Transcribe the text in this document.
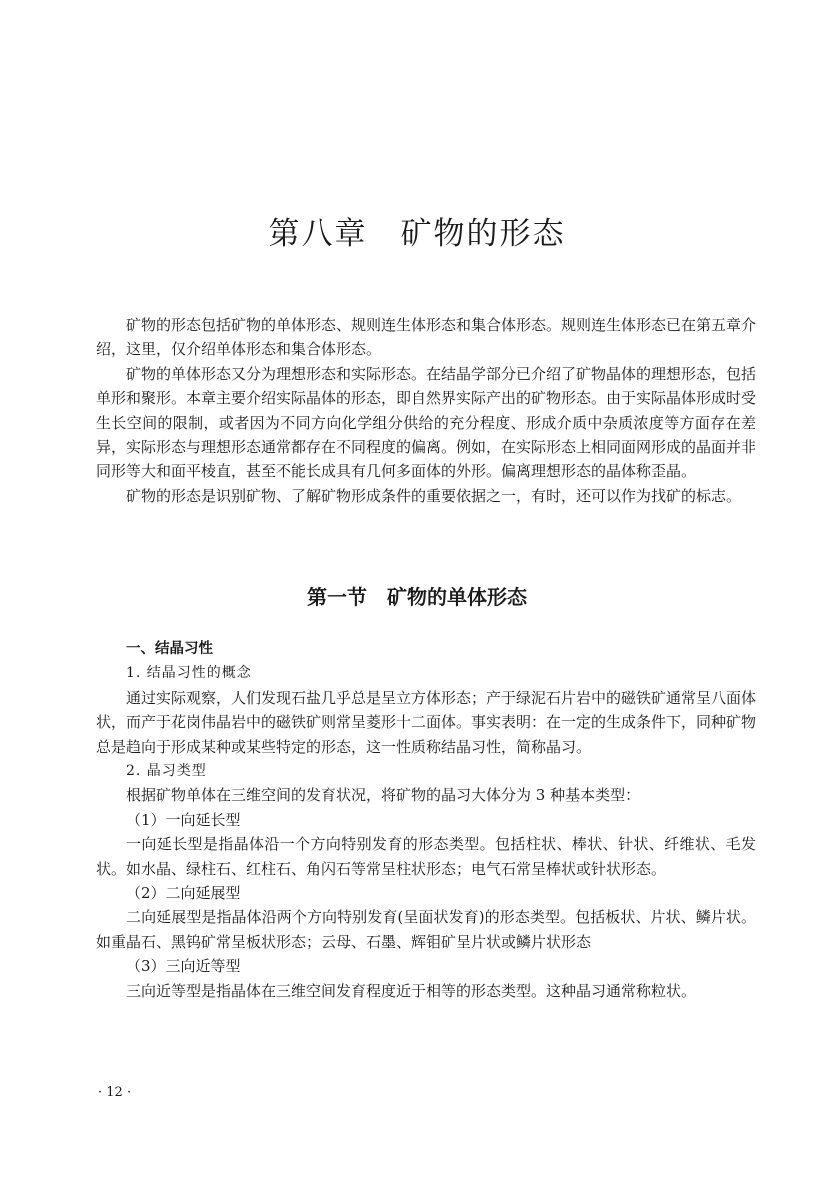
第八章　矿物的形态

矿物的形态包括矿物的单体形态、规则连生体形态和集合体形态。规则连生体形态已在第五章介绍，这里，仅介绍单体形态和集合体形态。

矿物的单体形态又分为理想形态和实际形态。在结晶学部分已介绍了矿物晶体的理想形态，包括单形和聚形。本章主要介绍实际晶体的形态，即自然界实际产出的矿物形态。由于实际晶体形成时受生长空间的限制，或者因为不同方向化学组分供给的充分程度、形成介质中杂质浓度等方面存在差异，实际形态与理想形态通常都存在不同程度的偏离。例如，在实际形态上相同面网形成的晶面并非同形等大和面平棱直，甚至不能长成具有几何多面体的外形。偏离理想形态的晶体称歪晶。

矿物的形态是识别矿物、了解矿物形成条件的重要依据之一，有时，还可以作为找矿的标志。

第一节　矿物的单体形态

一、结晶习性

1. 结晶习性的概念

通过实际观察，人们发现石盐几乎总是呈立方体形态；产于绿泥石片岩中的磁铁矿通常呈八面体状，而产于花岗伟晶岩中的磁铁矿则常呈菱形十二面体。事实表明：在一定的生成条件下，同种矿物总是趋向于形成某种或某些特定的形态，这一性质称结晶习性，简称晶习。

2. 晶习类型

根据矿物单体在三维空间的发育状况，将矿物的晶习大体分为 3 种基本类型：

（1）一向延长型

一向延长型是指晶体沿一个方向特别发育的形态类型。包括柱状、棒状、针状、纤维状、毛发状。如水晶、绿柱石、红柱石、角闪石等常呈柱状形态；电气石常呈棒状或针状形态。

（2）二向延展型

二向延展型是指晶体沿两个方向特别发育(呈面状发育)的形态类型。包括板状、片状、鳞片状。如重晶石、黑钨矿常呈板状形态；云母、石墨、辉钼矿呈片状或鳞片状形态

（3）三向近等型

三向近等型是指晶体在三维空间发育程度近于相等的形态类型。这种晶习通常称粒状。

· 12 ·
